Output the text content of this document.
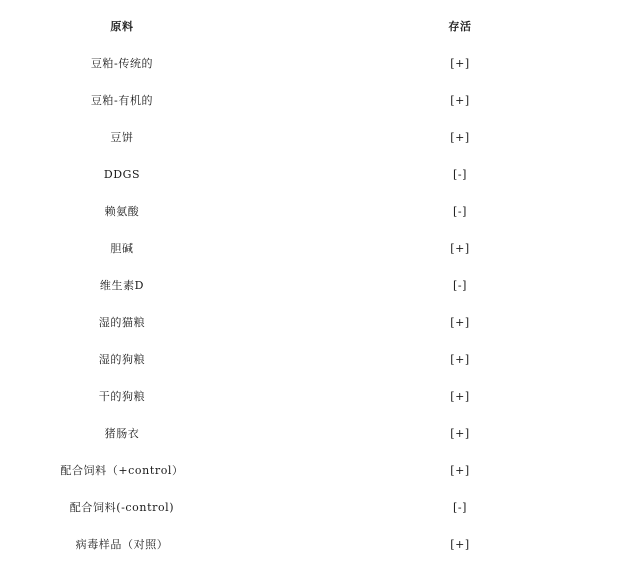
原料	存活
豆粕-传统的	[+]
豆粕-有机的	[+]
豆饼	[+]
DDGS	[-]
赖氨酸	[-]
胆碱	[+]
维生素D	[-]
湿的猫粮	[+]
湿的狗粮	[+]
干的狗粮	[+]
猪肠衣	[+]
配合饲料（+control）	[+]
配合饲料(-control)	[-]
病毒样品（对照）	[+]
